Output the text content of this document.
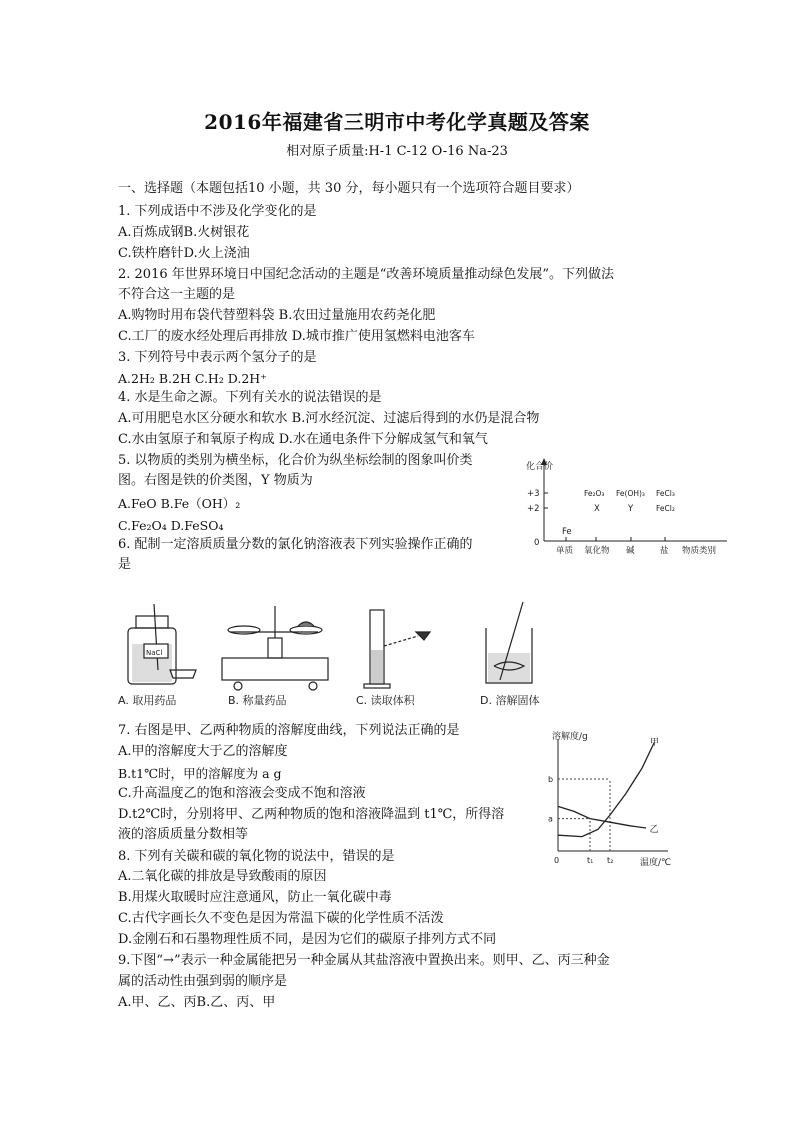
2016年福建省三明市中考化学真题及答案
相对原子质量:H-1 C-12 O-16 Na-23
一、选择题（本题包括10 小题，共 30 分，每小题只有一个选项符合题目要求）
1. 下列成语中不涉及化学变化的是
A.百炼成钢B.火树银花
C.铁杵磨针D.火上浇油
2. 2016 年世界环境日中国纪念活动的主题是“改善环境质量推动绿色发展”。下列做法
不符合这一主题的是
A.购物时用布袋代替塑料袋 B.农田过量施用农药尧化肥
C.工厂的废水经处理后再排放 D.城市推广使用氢燃料电池客车
3. 下列符号中表示两个氢分子的是
A.2H₂ B.2H C.H₂ D.2H⁺
4. 水是生命之源。下列有关水的说法错误的是
A.可用肥皂水区分硬水和软水 B.河水经沉淀、过滤后得到的水仍是混合物
C.水由氢原子和氧原子构成 D.水在通电条件下分解成氢气和氧气
5. 以物质的类别为横坐标，化合价为纵坐标绘制的图象叫价类
图。右图是铁的价类图，Y 物质为
A.FeO B.Fe（OH）₂
C.Fe₂O₄ D.FeSO₄
6. 配制一定溶质质量分数的氯化钠溶液表下列实验操作正确的
是
化合价
+3
+2
0
Fe₂O₃ Fe(OH)₃ FeCl₃
X	Y	FeCl₂
Fe
单质 氧化物 碱	盐 物质类别
A. 取用药品	B. 称量药品	C. 读取体积	D. 溶解固体
NaCl
7. 右图是甲、乙两种物质的溶解度曲线，下列说法正确的是
A.甲的溶解度大于乙的溶解度
B.t1℃时，甲的溶解度为 a g
C.升高温度乙的饱和溶液会变成不饱和溶液
D.t2℃时，分别将甲、乙两种物质的饱和溶液降温到 t1℃，所得溶
液的溶质质量分数相等
甲
乙
0	t₁ t₂
a
b
溶解度/g
温度/℃
8. 下列有关碳和碳的氧化物的说法中，错误的是
A.二氧化碳的排放是导致酸雨的原因
B.用煤火取暖时应注意通风，防止一氧化碳中毒
C.古代字画长久不变色是因为常温下碳的化学性质不活泼
D.金刚石和石墨物理性质不同，是因为它们的碳原子排列方式不同
9.下图“→”表示一种金属能把另一种金属从其盐溶液中置换出来。则甲、乙、丙三种金
属的活动性由强到弱的顺序是
A.甲、乙、丙B.乙、丙、甲
